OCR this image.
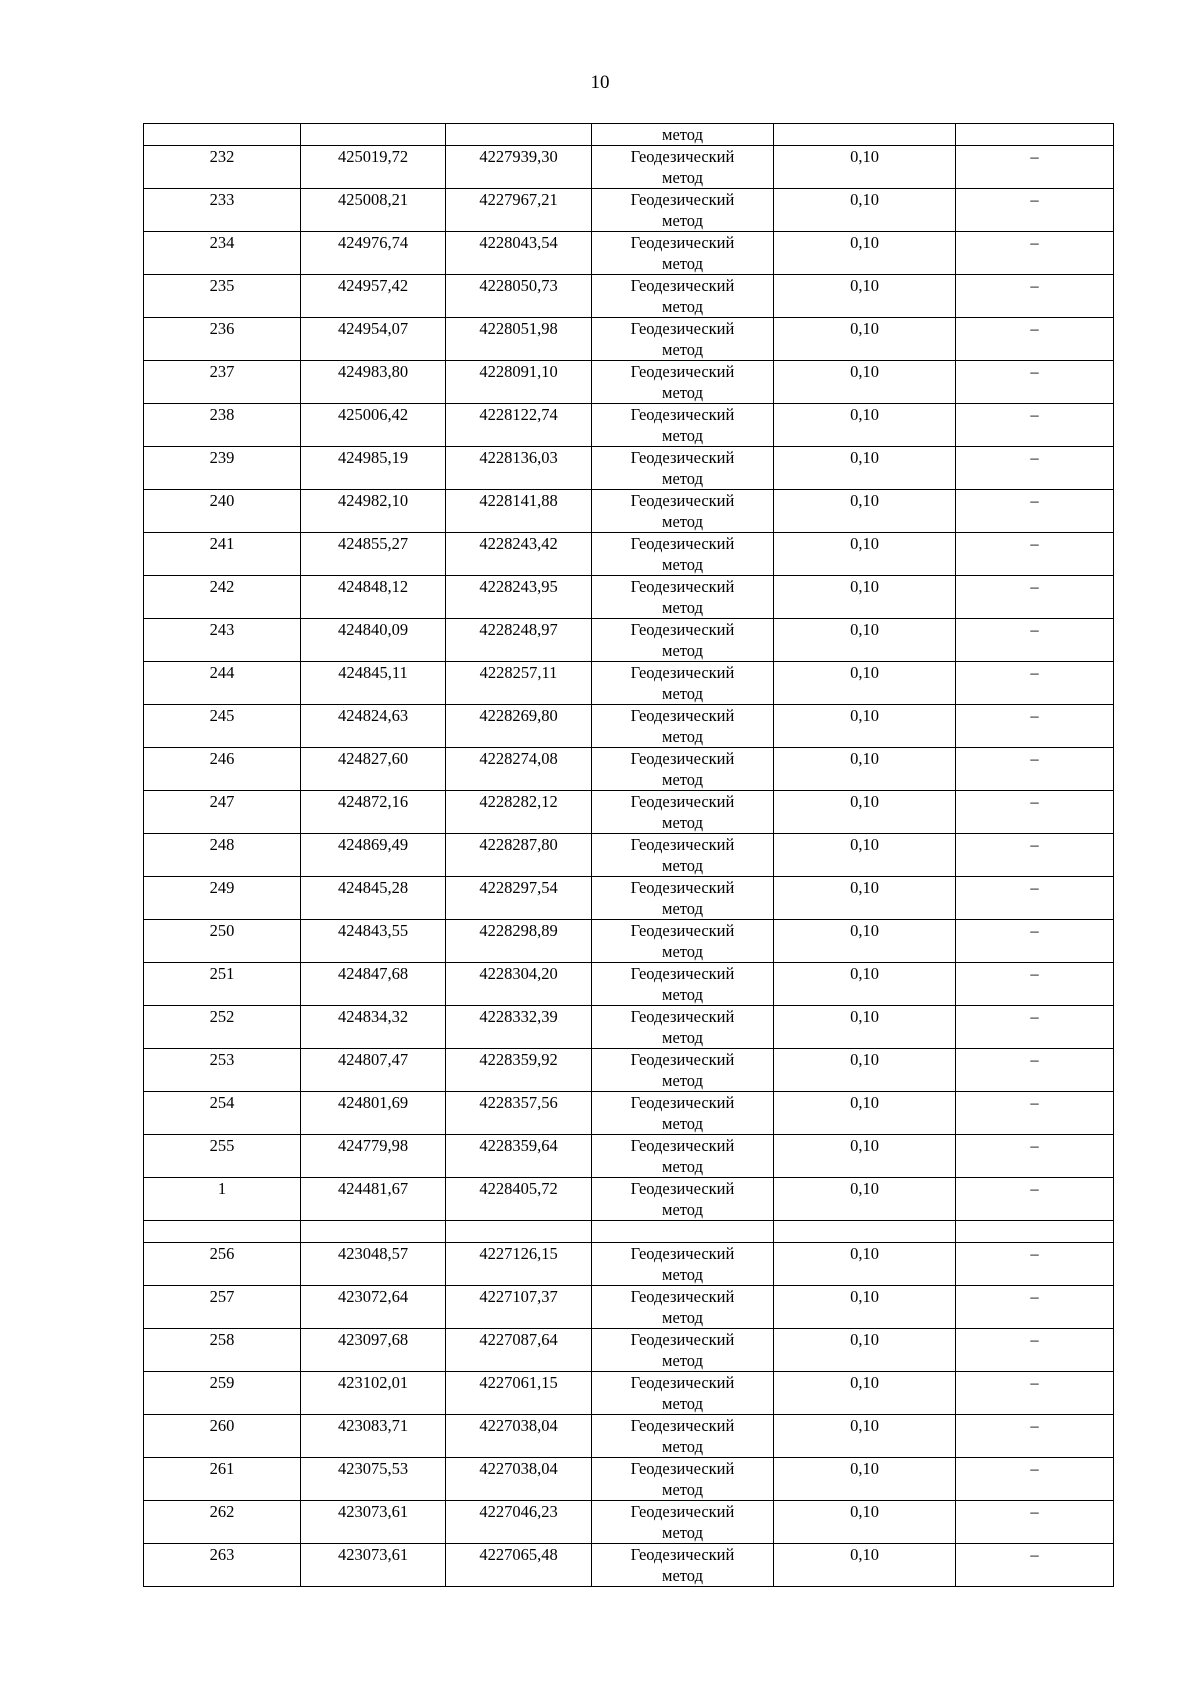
10
			метод		
232	425019,72	4227939,30	Геодезический
метод	0,10	–
233	425008,21	4227967,21	Геодезический
метод	0,10	–
234	424976,74	4228043,54	Геодезический
метод	0,10	–
235	424957,42	4228050,73	Геодезический
метод	0,10	–
236	424954,07	4228051,98	Геодезический
метод	0,10	–
237	424983,80	4228091,10	Геодезический
метод	0,10	–
238	425006,42	4228122,74	Геодезический
метод	0,10	–
239	424985,19	4228136,03	Геодезический
метод	0,10	–
240	424982,10	4228141,88	Геодезический
метод	0,10	–
241	424855,27	4228243,42	Геодезический
метод	0,10	–
242	424848,12	4228243,95	Геодезический
метод	0,10	–
243	424840,09	4228248,97	Геодезический
метод	0,10	–
244	424845,11	4228257,11	Геодезический
метод	0,10	–
245	424824,63	4228269,80	Геодезический
метод	0,10	–
246	424827,60	4228274,08	Геодезический
метод	0,10	–
247	424872,16	4228282,12	Геодезический
метод	0,10	–
248	424869,49	4228287,80	Геодезический
метод	0,10	–
249	424845,28	4228297,54	Геодезический
метод	0,10	–
250	424843,55	4228298,89	Геодезический
метод	0,10	–
251	424847,68	4228304,20	Геодезический
метод	0,10	–
252	424834,32	4228332,39	Геодезический
метод	0,10	–
253	424807,47	4228359,92	Геодезический
метод	0,10	–
254	424801,69	4228357,56	Геодезический
метод	0,10	–
255	424779,98	4228359,64	Геодезический
метод	0,10	–
1	424481,67	4228405,72	Геодезический
метод	0,10	–

256	423048,57	4227126,15	Геодезический
метод	0,10	–
257	423072,64	4227107,37	Геодезический
метод	0,10	–
258	423097,68	4227087,64	Геодезический
метод	0,10	–
259	423102,01	4227061,15	Геодезический
метод	0,10	–
260	423083,71	4227038,04	Геодезический
метод	0,10	–
261	423075,53	4227038,04	Геодезический
метод	0,10	–
262	423073,61	4227046,23	Геодезический
метод	0,10	–
263	423073,61	4227065,48	Геодезический
метод	0,10	–
